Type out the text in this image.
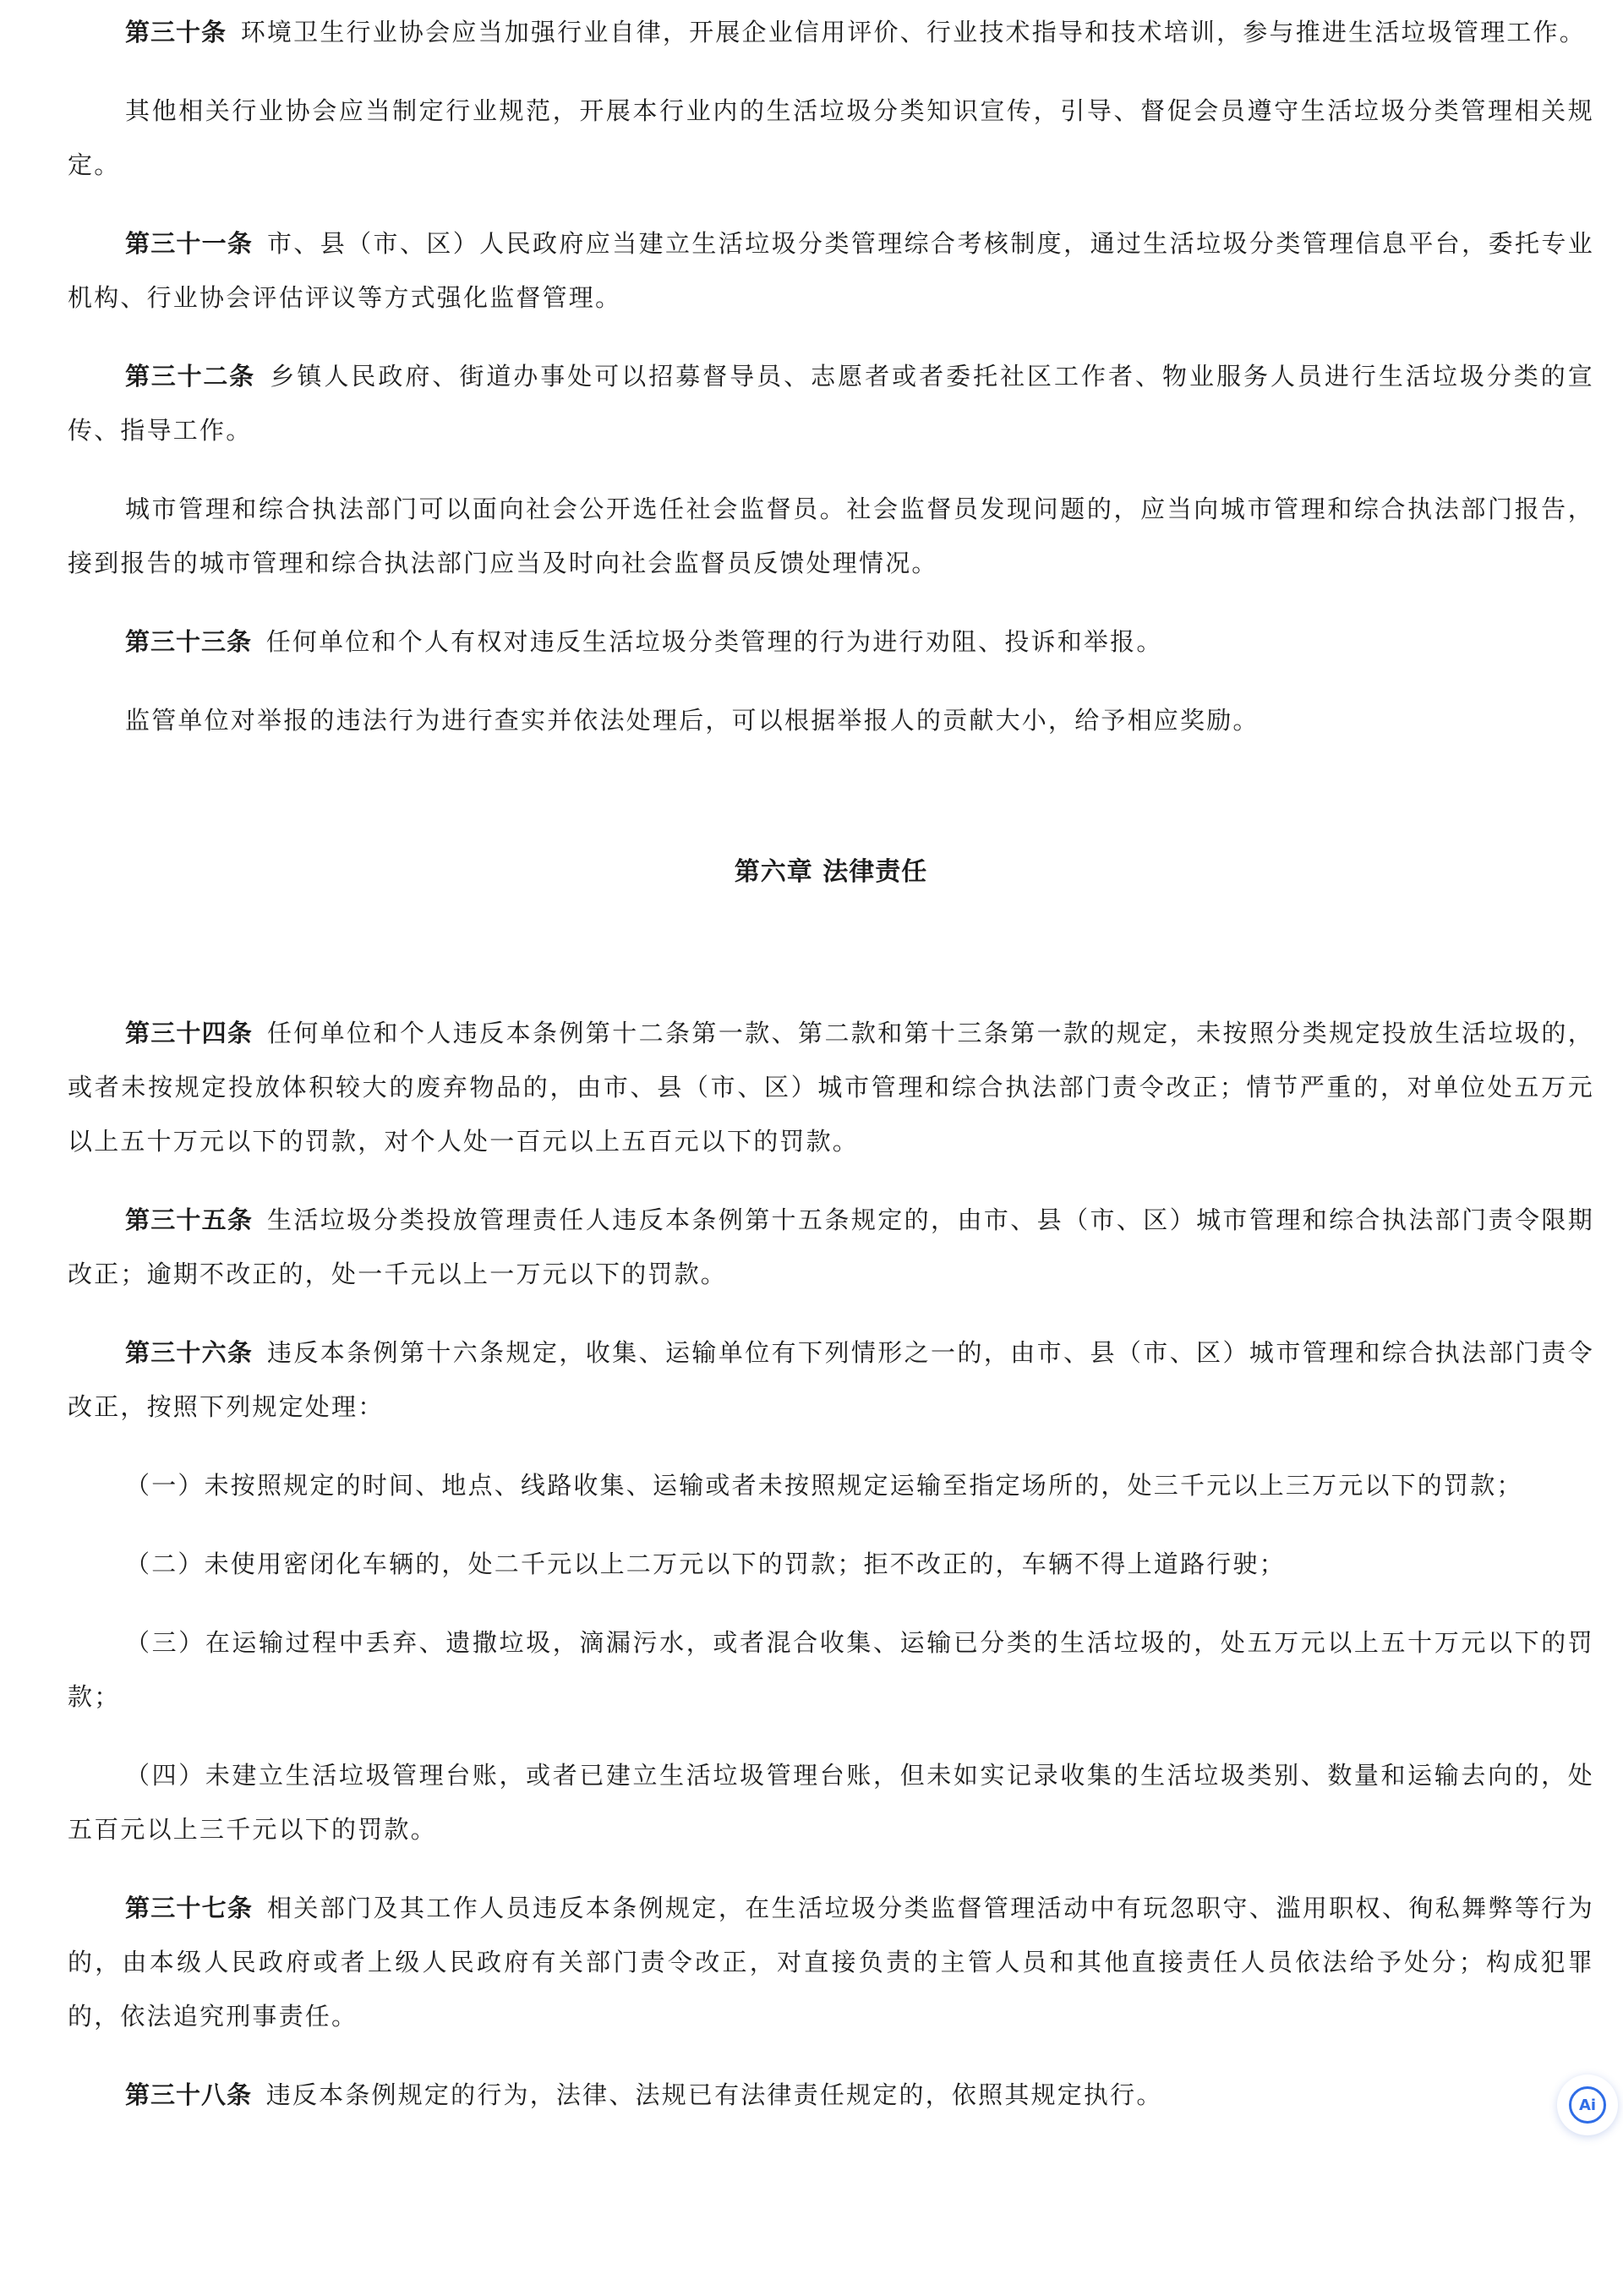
第三十条  环境卫生行业协会应当加强行业自律，开展企业信用评价、行业技术指导和技术培训，参与推进生活垃圾管理工作。

其他相关行业协会应当制定行业规范，开展本行业内的生活垃圾分类知识宣传，引导、督促会员遵守生活垃圾分类管理相关规定。

第三十一条  市、县（市、区）人民政府应当建立生活垃圾分类管理综合考核制度，通过生活垃圾分类管理信息平台，委托专业机构、行业协会评估评议等方式强化监督管理。

第三十二条  乡镇人民政府、街道办事处可以招募督导员、志愿者或者委托社区工作者、物业服务人员进行生活垃圾分类的宣传、指导工作。

城市管理和综合执法部门可以面向社会公开选任社会监督员。社会监督员发现问题的，应当向城市管理和综合执法部门报告，接到报告的城市管理和综合执法部门应当及时向社会监督员反馈处理情况。

第三十三条  任何单位和个人有权对违反生活垃圾分类管理的行为进行劝阻、投诉和举报。

监管单位对举报的违法行为进行查实并依法处理后，可以根据举报人的贡献大小，给予相应奖励。

第六章 法律责任

第三十四条  任何单位和个人违反本条例第十二条第一款、第二款和第十三条第一款的规定，未按照分类规定投放生活垃圾的，或者未按规定投放体积较大的废弃物品的，由市、县（市、区）城市管理和综合执法部门责令改正；情节严重的，对单位处五万元以上五十万元以下的罚款，对个人处一百元以上五百元以下的罚款。

第三十五条  生活垃圾分类投放管理责任人违反本条例第十五条规定的，由市、县（市、区）城市管理和综合执法部门责令限期改正；逾期不改正的，处一千元以上一万元以下的罚款。

第三十六条  违反本条例第十六条规定，收集、运输单位有下列情形之一的，由市、县（市、区）城市管理和综合执法部门责令改正，按照下列规定处理：

（一）未按照规定的时间、地点、线路收集、运输或者未按照规定运输至指定场所的，处三千元以上三万元以下的罚款；

（二）未使用密闭化车辆的，处二千元以上二万元以下的罚款；拒不改正的，车辆不得上道路行驶；

（三）在运输过程中丢弃、遗撒垃圾，滴漏污水，或者混合收集、运输已分类的生活垃圾的，处五万元以上五十万元以下的罚款；

（四）未建立生活垃圾管理台账，或者已建立生活垃圾管理台账，但未如实记录收集的生活垃圾类别、数量和运输去向的，处五百元以上三千元以下的罚款。

第三十七条  相关部门及其工作人员违反本条例规定，在生活垃圾分类监督管理活动中有玩忽职守、滥用职权、徇私舞弊等行为的，由本级人民政府或者上级人民政府有关部门责令改正，对直接负责的主管人员和其他直接责任人员依法给予处分；构成犯罪的，依法追究刑事责任。

第三十八条  违反本条例规定的行为，法律、法规已有法律责任规定的，依照其规定执行。	Ai
